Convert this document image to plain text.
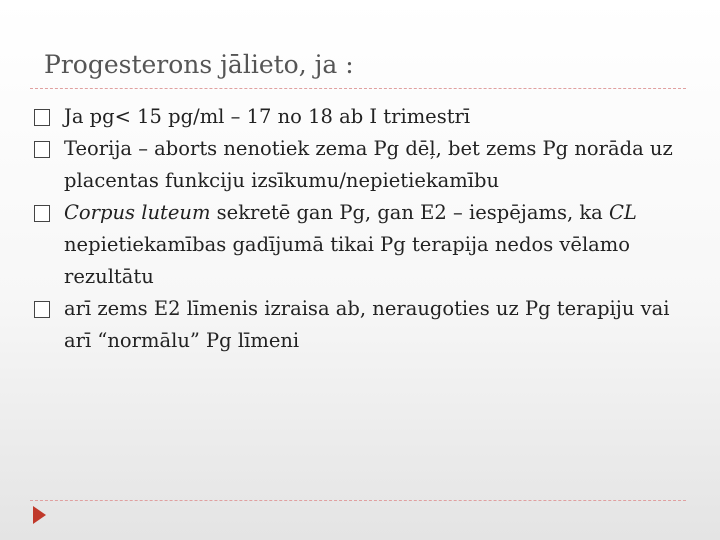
Progesterons jālieto, ja :
Ja pg< 15 pg/ml – 17 no 18 ab I trimestrī
Teorija – aborts nenotiek zema Pg dēļ, bet zems Pg norāda uz placentas funkciju izsīkumu/nepietiekamību
Corpus luteum sekretē gan Pg, gan E2 – iespējams, ka CL nepietiekamības gadījumā tikai Pg terapija nedos vēlamo rezultātu
arī zems E2 līmenis izraisa ab, neraugoties uz Pg terapiju vai arī “normālu” Pg līmeni
